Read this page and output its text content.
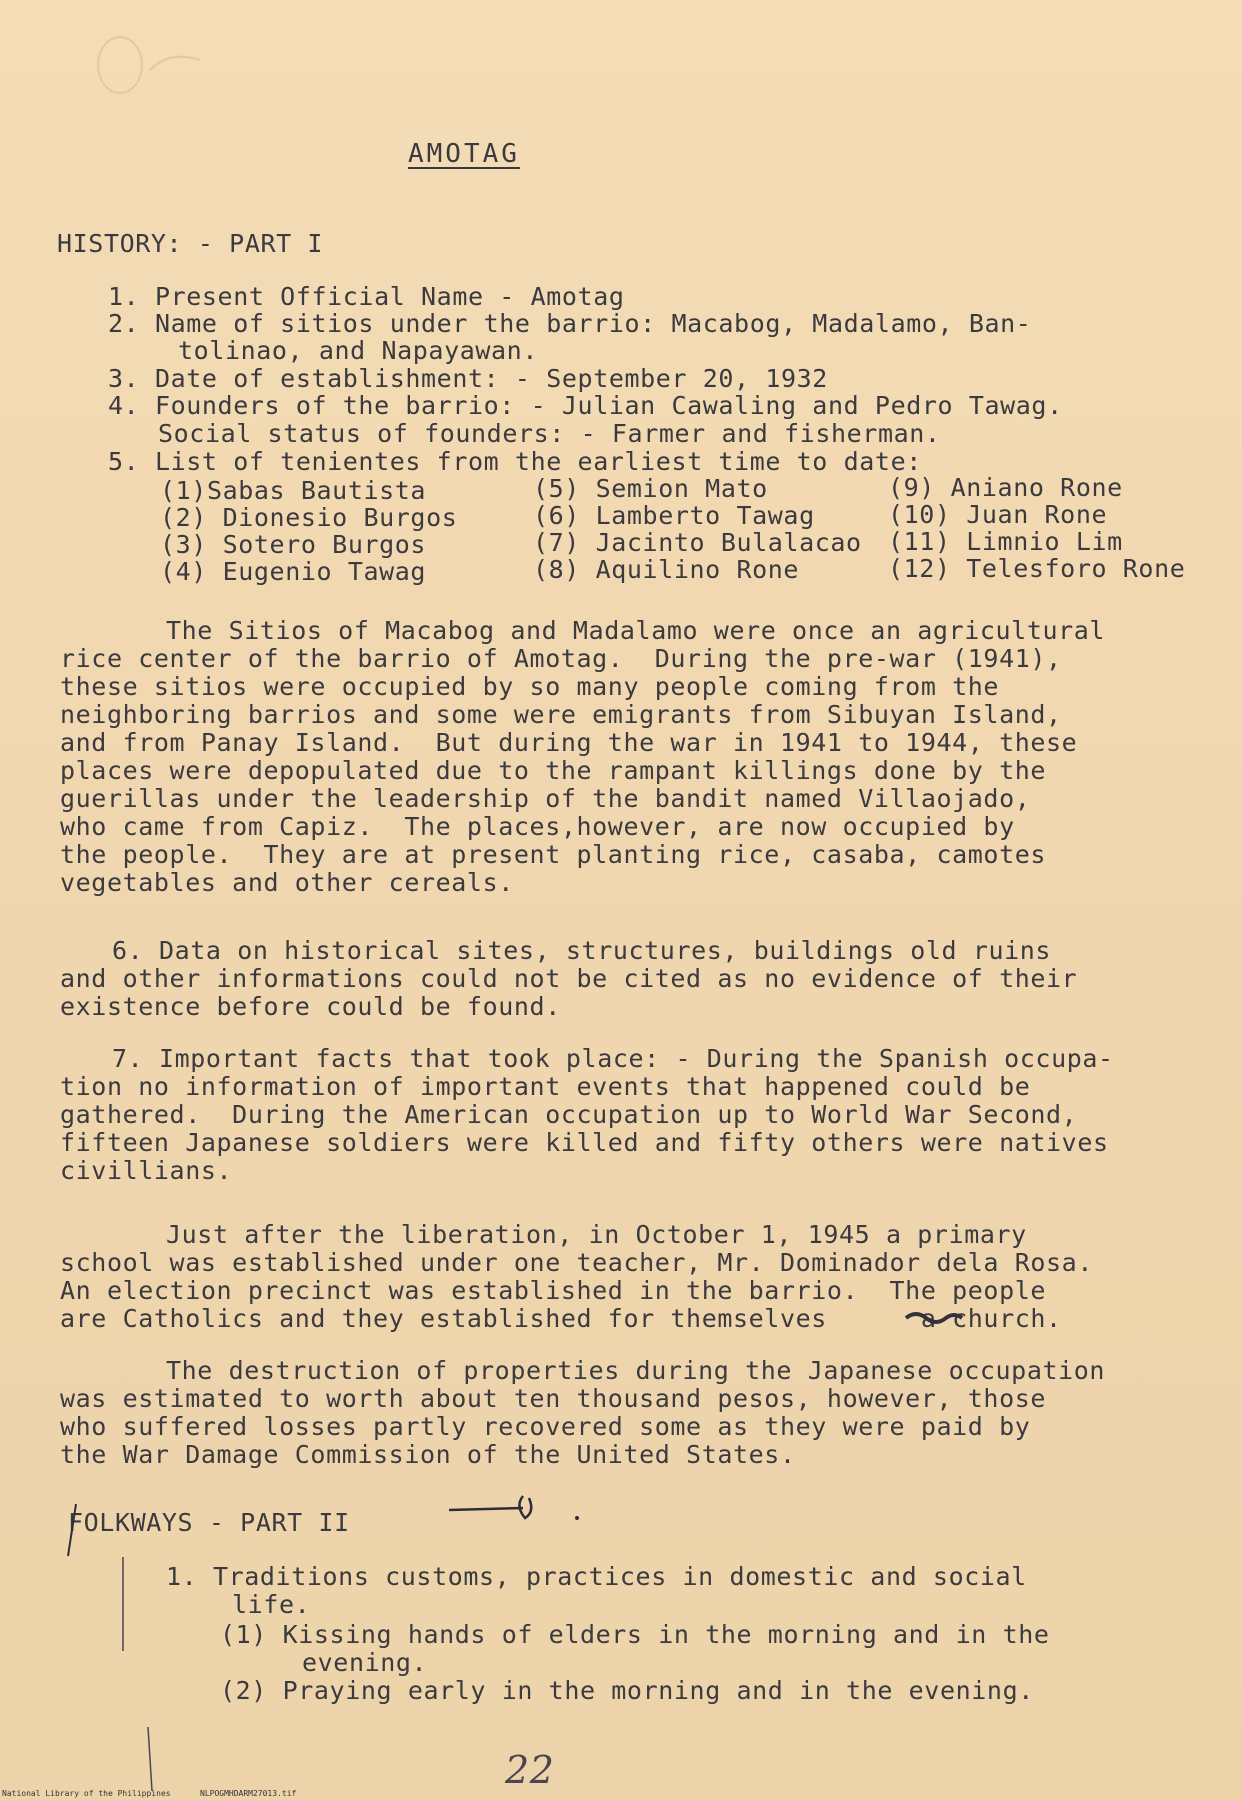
AMOTAG
HISTORY: - PART I
1. Present Official Name - Amotag
2. Name of sitios under the barrio: Macabog, Madalamo, Ban-
tolinao, and Napayawan.
3. Date of establishment: - September 20, 1932
4. Founders of the barrio: - Julian Cawaling and Pedro Tawag.
Social status of founders: - Farmer and fisherman.
5. List of tenientes from the earliest time to date:
(1)Sabas Bautista
(2) Dionesio Burgos
(3) Sotero Burgos
(4) Eugenio Tawag
(5) Semion Mato
(6) Lamberto Tawag
(7) Jacinto Bulalacao
(8) Aquilino Rone
(9) Aniano Rone
(10) Juan Rone
(11) Limnio Lim
(12) Telesforo Rone
The Sitios of Macabog and Madalamo were once an agricultural
rice center of the barrio of Amotag.  During the pre-war (1941),
these sitios were occupied by so many people coming from the
neighboring barrios and some were emigrants from Sibuyan Island,
and from Panay Island.  But during the war in 1941 to 1944, these
places were depopulated due to the rampant killings done by the
guerillas under the leadership of the bandit named Villaojado,
who came from Capiz.  The places,however, are now occupied by
the people.  They are at present planting rice, casaba, camotes
vegetables and other cereals.
6. Data on historical sites, structures, buildings old ruins
and other informations could not be cited as no evidence of their
existence before could be found.
7. Important facts that took place: - During the Spanish occupa-
tion no information of important events that happened could be
gathered.  During the American occupation up to World War Second,
fifteen Japanese soldiers were killed and fifty others were natives
civillians.
Just after the liberation, in October 1, 1945 a primary
school was established under one teacher, Mr. Dominador dela Rosa.
An election precinct was established in the barrio.  The people
are Catholics and they established for themselves      a church.
The destruction of properties during the Japanese occupation
was estimated to worth about ten thousand pesos, however, those
who suffered losses partly recovered some as they were paid by
the War Damage Commission of the United States.
FOLKWAYS - PART II
1. Traditions customs, practices in domestic and social
life.
(1) Kissing hands of elders in the morning and in the
evening.
(2) Praying early in the morning and in the evening.
22
National Library of the Philippines	NLPOGMHDARM27013.tif
